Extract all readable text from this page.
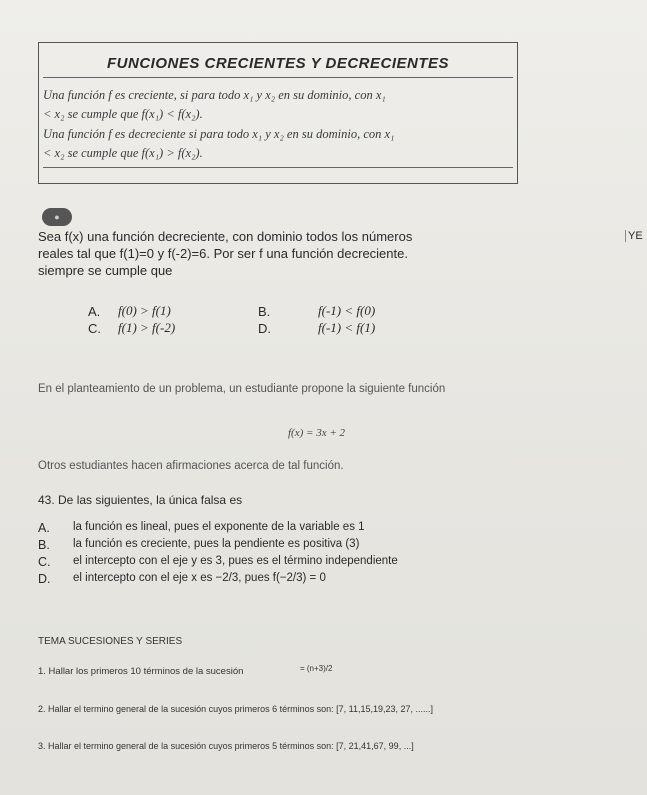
FUNCIONES CRECIENTES Y DECRECIENTES
Una función f es creciente, si para todo x₁ y x₂ en su dominio, con x₁
< x₂ se cumple que f(x₁) < f(x₂).
Una función f es decreciente si para todo x₁ y x₂ en su dominio, con x₁
< x₂ se cumple que f(x₁) > f(x₂).
●
Sea f(x) una función decreciente, con dominio todos los números
reales tal que f(1)=0 y f(-2)=6. Por ser f una función decreciente.
siempre se cumple que
YE
A. f(0) > f(1)	B.	f(-1) < f(0)
C. f(1) > f(-2)	D.	f(-1) < f(1)
En el planteamiento de un problema, un estudiante propone la siguiente función
f(x) = 3x + 2
Otros estudiantes hacen afirmaciones acerca de tal función.
43. De las siguientes, la única falsa es
A. la función es lineal, pues el exponente de la variable es 1
B. la función es creciente, pues la pendiente es positiva (3)
C. el intercepto con el eje y es 3, pues es el término independiente
D. el intercepto con el eje x es −2/3, pues f(−2/3) = 0
TEMA SUCESIONES Y SERIES
1. Hallar los primeros 10 términos de la sucesión	= (n+3)/2
2. Hallar el termino general de la sucesión cuyos primeros 6 términos son: [7, 11,15,19,23, 27, ......]
3. Hallar el termino general de la sucesión cuyos primeros 5 términos son: [7, 21,41,67, 99, ...]
